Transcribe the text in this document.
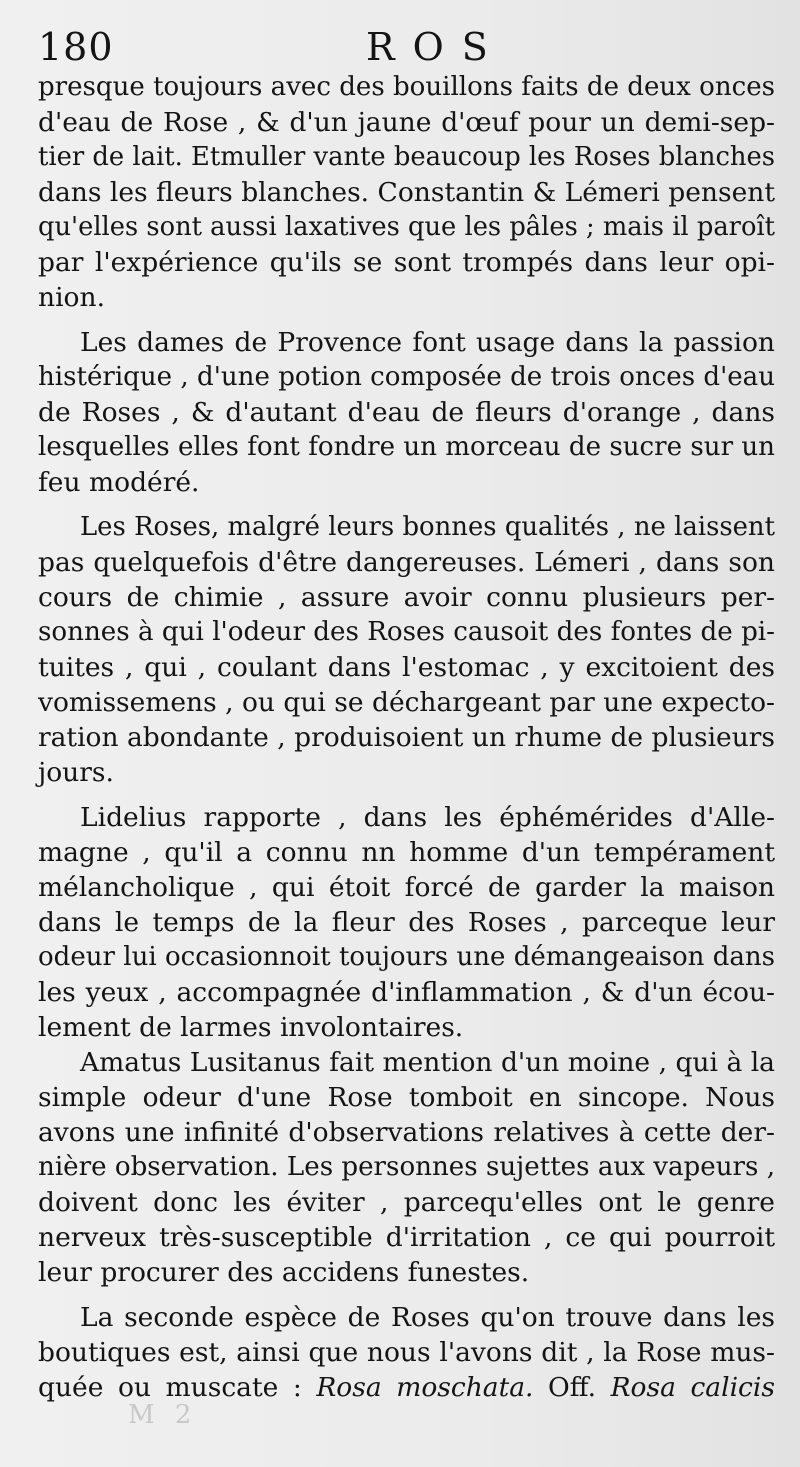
180	ROS
presque toujours avec des bouillons faits de deux onces
d'eau de Rose , & d'un jaune d'œuf pour un demi-sep-
tier de lait. Etmuller vante beaucoup les Roses blanches
dans les fleurs blanches. Constantin & Lémeri pensent
qu'elles sont aussi laxatives que les pâles ; mais il paroît
par l'expérience qu'ils se sont trompés dans leur opi-
nion.
Les dames de Provence font usage dans la passion
histérique , d'une potion composée de trois onces d'eau
de Roses , & d'autant d'eau de fleurs d'orange , dans
lesquelles elles font fondre un morceau de sucre sur un
feu modéré.
Les Roses, malgré leurs bonnes qualités , ne laissent
pas quelquefois d'être dangereuses. Lémeri , dans son
cours de chimie , assure avoir connu plusieurs per-
sonnes à qui l'odeur des Roses causoit des fontes de pi-
tuites , qui , coulant dans l'estomac , y excitoient des
vomissemens , ou qui se déchargeant par une expecto-
ration abondante , produisoient un rhume de plusieurs
jours.
Lidelius rapporte , dans les éphémérides d'Alle-
magne , qu'il a connu nn homme d'un tempérament
mélancholique , qui étoit forcé de garder la maison
dans le temps de la fleur des Roses , parceque leur
odeur lui occasionnoit toujours une démangeaison dans
les yeux , accompagnée d'inflammation , & d'un écou-
lement de larmes involontaires.
Amatus Lusitanus fait mention d'un moine , qui à la
simple odeur d'une Rose tomboit en sincope. Nous
avons une infinité d'observations relatives à cette der-
nière observation. Les personnes sujettes aux vapeurs ,
doivent donc les éviter , parcequ'elles ont le genre
nerveux très-susceptible d'irritation , ce qui pourroit
leur procurer des accidens funestes.
La seconde espèce de Roses qu'on trouve dans les
boutiques est, ainsi que nous l'avons dit , la Rose mus-
quée ou muscate : Rosa moschata. Off. Rosa calicis
M 2
